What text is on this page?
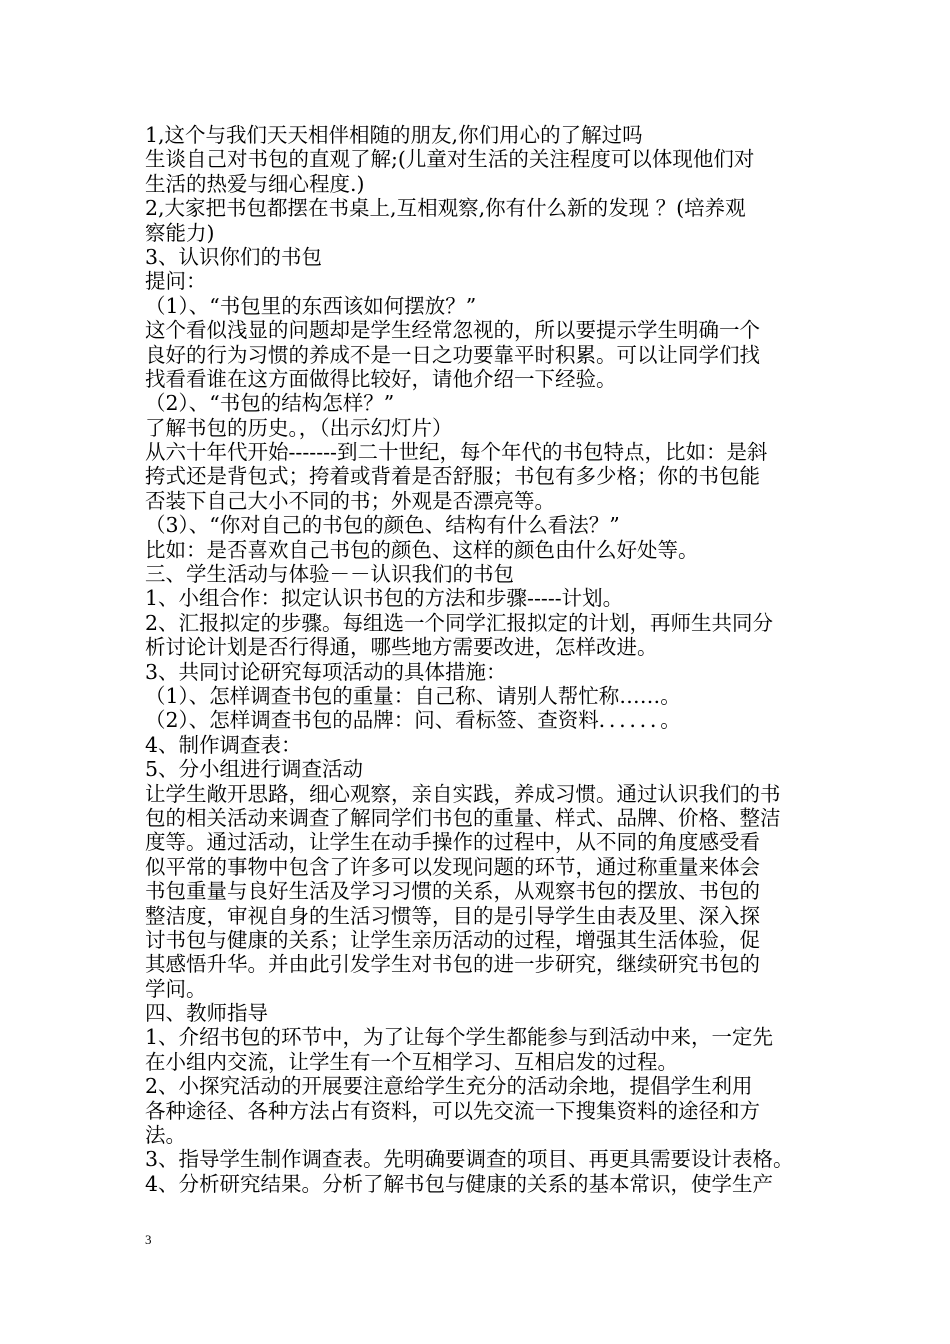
1,这个与我们天天相伴相随的朋友,你们用心的了解过吗
生谈自己对书包的直观了解;(儿童对生活的关注程度可以体现他们对
生活的热爱与细心程度.)
2,大家把书包都摆在书桌上,互相观察,你有什么新的发现 ？(培养观
察能力)
3、认识你们的书包
提问：
（1）、“书包里的东西该如何摆放？”
这个看似浅显的问题却是学生经常忽视的，所以要提示学生明确一个
良好的行为习惯的养成不是一日之功要靠平时积累。可以让同学们找
找看看谁在这方面做得比较好，请他介绍一下经验。
（2）、“书包的结构怎样？”
了解书包的历史。，（出示幻灯片）
从六十年代开始-------到二十世纪，每个年代的书包特点，比如：是斜
挎式还是背包式；挎着或背着是否舒服；书包有多少格；你的书包能
否装下自己大小不同的书；外观是否漂亮等。
（3）、“你对自己的书包的颜色、结构有什么看法？”
比如：是否喜欢自己书包的颜色、这样的颜色由什么好处等。
三、学生活动与体验－－认识我们的书包
1、小组合作：拟定认识书包的方法和步骤-----计划。
2、汇报拟定的步骤。每组选一个同学汇报拟定的计划，再师生共同分
析讨论计划是否行得通，哪些地方需要改进，怎样改进。
3、共同讨论研究每项活动的具体措施：
（1）、怎样调查书包的重量：自己称、请别人帮忙称……。
（2）、怎样调查书包的品牌：问、看标签、查资料．．．．．．。
4、制作调查表：
5、分小组进行调查活动
让学生敞开思路，细心观察，亲自实践，养成习惯。通过认识我们的书
包的相关活动来调查了解同学们书包的重量、样式、品牌、价格、整洁
度等。通过活动，让学生在动手操作的过程中，从不同的角度感受看
似平常的事物中包含了许多可以发现问题的环节，通过称重量来体会
书包重量与良好生活及学习习惯的关系，从观察书包的摆放、书包的
整洁度，审视自身的生活习惯等，目的是引导学生由表及里、深入探
讨书包与健康的关系；让学生亲历活动的过程，增强其生活体验，促
其感悟升华。并由此引发学生对书包的进一步研究，继续研究书包的
学问。
四、教师指导
1、介绍书包的环节中，为了让每个学生都能参与到活动中来，一定先
在小组内交流，让学生有一个互相学习、互相启发的过程。
2、小探究活动的开展要注意给学生充分的活动余地，提倡学生利用
各种途径、各种方法占有资料，可以先交流一下搜集资料的途径和方
法。
3、指导学生制作调查表。先明确要调查的项目、再更具需要设计表格。
4、分析研究结果。分析了解书包与健康的关系的基本常识，使学生产
3
